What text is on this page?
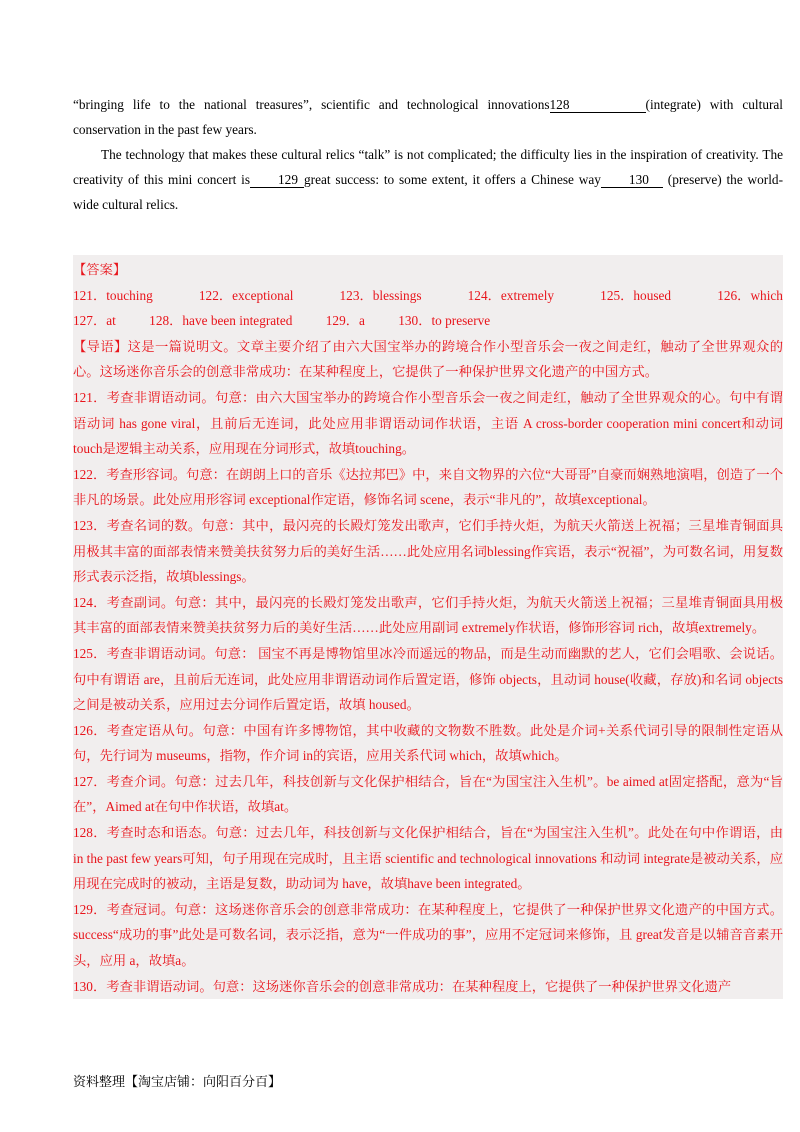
“bringing life to the national treasures”, scientific and technological innovations128	(integrate) with cultural conservation in the past few years.

The technology that makes these cultural relics “talk” is not complicated; the difficulty lies in the inspiration of creativity. The creativity of this mini concert is 129 great success: to some extent, it offers a Chinese way 130 (preserve) the world-wide cultural relics.

【答案】

121．touching	122．exceptional	123．blessings	124．extremely	125．housed	126．which
127．at	128．have been integrated	129．a	130．to preserve

【导语】这是一篇说明文。文章主要介绍了由六大国宝举办的跨境合作小型音乐会一夜之间走红，触动了全世界观众的心。这场迷你音乐会的创意非常成功：在某种程度上，它提供了一种保护世界文化遗产的中国方式。

121．考查非谓语动词。句意：由六大国宝举办的跨境合作小型音乐会一夜之间走红，触动了全世界观众的心。句中有谓语动词 has gone viral，且前后无连词，此处应用非谓语动词作状语，主语 A cross-border cooperation mini concert和动词 touch是逻辑主动关系，应用现在分词形式，故填touching。

122．考查形容词。句意：在朗朗上口的音乐《达拉邦巴》中，来自文物界的六位“大哥哥”自豪而娴熟地演唱，创造了一个非凡的场景。此处应用形容词 exceptional作定语，修饰名词 scene，表示“非凡的”，故填exceptional。

123．考查名词的数。句意：其中，最闪亮的长殿灯笼发出歌声，它们手持火炬，为航天火箭送上祝福；三星堆青铜面具用极其丰富的面部表情来赞美扶贫努力后的美好生活……此处应用名词blessing作宾语，表示“祝福”，为可数名词，用复数形式表示泛指，故填blessings。

124．考查副词。句意：其中，最闪亮的长殿灯笼发出歌声，它们手持火炬，为航天火箭送上祝福；三星堆青铜面具用极其丰富的面部表情来赞美扶贫努力后的美好生活……此处应用副词 extremely作状语，修饰形容词 rich，故填extremely。

125．考查非谓语动词。句意： 国宝不再是博物馆里冰冷而遥远的物品，而是生动而幽默的艺人，它们会唱歌、会说话。句中有谓语 are，且前后无连词，此处应用非谓语动词作后置定语，修饰 objects，且动词 house(收藏，存放)和名词 objects之间是被动关系，应用过去分词作后置定语，故填 housed。

126．考查定语从句。句意：中国有许多博物馆，其中收藏的文物数不胜数。此处是介词+关系代词引导的限制性定语从句，先行词为 museums，指物，作介词 in的宾语，应用关系代词 which，故填which。

127．考查介词。句意：过去几年，科技创新与文化保护相结合，旨在“为国宝注入生机”。be aimed at固定搭配，意为“旨在”，Aimed at在句中作状语，故填at。

128．考查时态和语态。句意：过去几年，科技创新与文化保护相结合，旨在“为国宝注入生机”。此处在句中作谓语，由 in the past few years可知，句子用现在完成时，且主语 scientific and technological innovations 和动词 integrate是被动关系，应用现在完成时的被动，主语是复数，助动词为 have，故填have been integrated。

129．考查冠词。句意：这场迷你音乐会的创意非常成功：在某种程度上，它提供了一种保护世界文化遗产的中国方式。success“成功的事”此处是可数名词，表示泛指，意为“一件成功的事”，应用不定冠词来修饰，且 great发音是以辅音音素开头，应用 a，故填a。

130．考查非谓语动词。句意：这场迷你音乐会的创意非常成功：在某种程度上，它提供了一种保护世界文化遗产

资料整理【淘宝店铺：向阳百分百】
